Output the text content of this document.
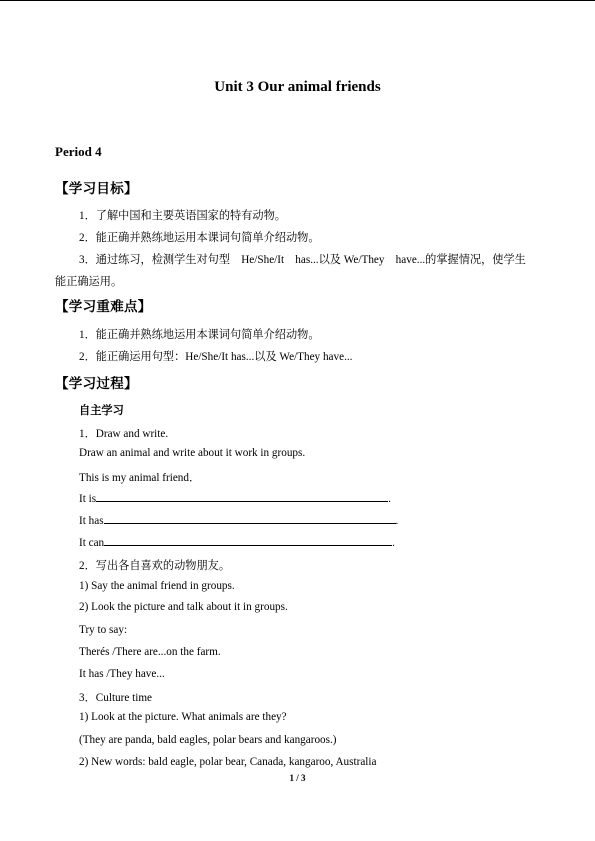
Unit 3 Our animal friends
Period 4
【学习目标】
1．了解中国和主要英语国家的特有动物。
2．能正确并熟练地运用本课词句简单介绍动物。
3．通过练习，检测学生对句型　He/She/It　has...以及 We/They　have...的掌握情况，使学生
能正确运用。
【学习重难点】
1．能正确并熟练地运用本课词句简单介绍动物。
2．能正确运用句型：He/She/It has...以及 We/They have...
【学习过程】
自主学习
1．Draw and write.
Draw an animal and write about it work in groups.
This is my animal friend．
It is	.
It has	.
It can	.
2．写出各自喜欢的动物朋友。
1) Say the animal friend in groups.
2) Look the picture and talk about it in groups.
Try to say:
Therés /There are...on the farm.
It has /They have...
3．Culture time
1) Look at the picture. What animals are they?
(They are panda, bald eagles, polar bears and kangaroos.)
2) New words: bald eagle, polar bear, Canada, kangaroo, Australia
1 / 3
